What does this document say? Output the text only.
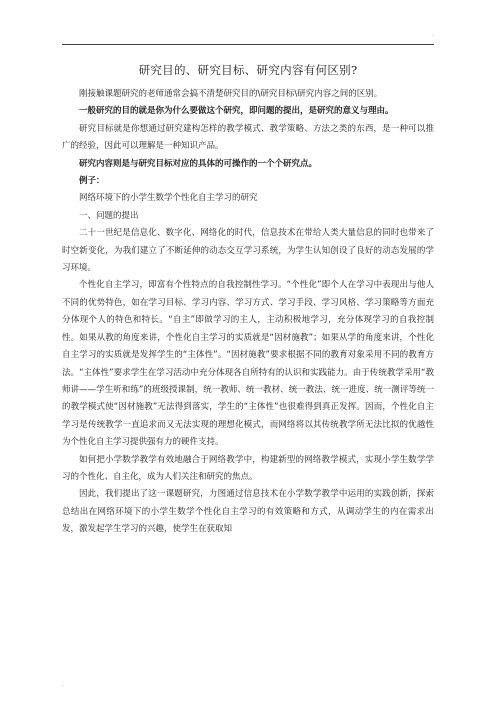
.
研究目的、研究目标、研究内容有何区别?

刚接触课题研究的老师通常会搞不清楚研究目的\研究目标\研究内容之间的区别。

一般研究的目的就是你为什么要做这个研究，即问题的提出，是研究的意义与理由。

研究目标就是你想通过研究建构怎样的教学模式、教学策略、方法之类的东西，是一种可以推广的经验，因此可以理解是一种知识产品。

研究内容则是与研究目标对应的具体的可操作的一个个研究点。

例子：

网络环境下的小学生数学个性化自主学习的研究

一、问题的提出

二十一世纪是信息化、数字化、网络化的时代，信息技术在带给人类大量信息的同时也带来了时空新变化，为我们建立了不断延伸的动态交互学习系统，为学生认知创设了良好的动态发展的学习环境。

个性化自主学习，即富有个性特点的自我控制性学习。“个性化”即个人在学习中表现出与他人不同的优势特色，如在学习目标、学习内容、学习方式、学习手段、学习风格、学习策略等方面充分体现个人的特色和特长。“自主”即做学习的主人，主动积极地学习，充分体现学习的自我控制性。如果从教的角度来讲，个性化自主学习的实质就是“因材施教”；如果从学的角度来讲，个性化自主学习的实质就是发挥学生的“主体性”。“因材施教”要求根据不同的教育对象采用不同的教育方法。“主体性”要求学生在学习活动中充分体现各自所特有的认识和实践能力。由于传统教学采用“教师讲——学生听和练”的班级授课制，统一教师、统一教材、统一教法、统一进度、统一测评等统一的教学模式使“因材施教”无法得到落实，学生的“主体性”也很难得到真正发挥。因而，个性化自主学习是传统教学一直追求而又无法实现的理想化模式，而网络将以其传统教学所无法比拟的优越性为个性化自主学习提供强有力的硬件支持。

如何把小学数学教学有效地融合于网络教学中，构建新型的网络教学模式，实现小学生数学学习的个性化、自主化，成为人们关注和研究的焦点。

因此，我们提出了这一课题研究，力图通过信息技术在小学数学教学中运用的实践创新，探索总结出在网络环境下的小学生数学个性化自主学习的有效策略和方式，从调动学生的内在需求出发，激发起学生学习的兴趣，使学生在获取知

.
